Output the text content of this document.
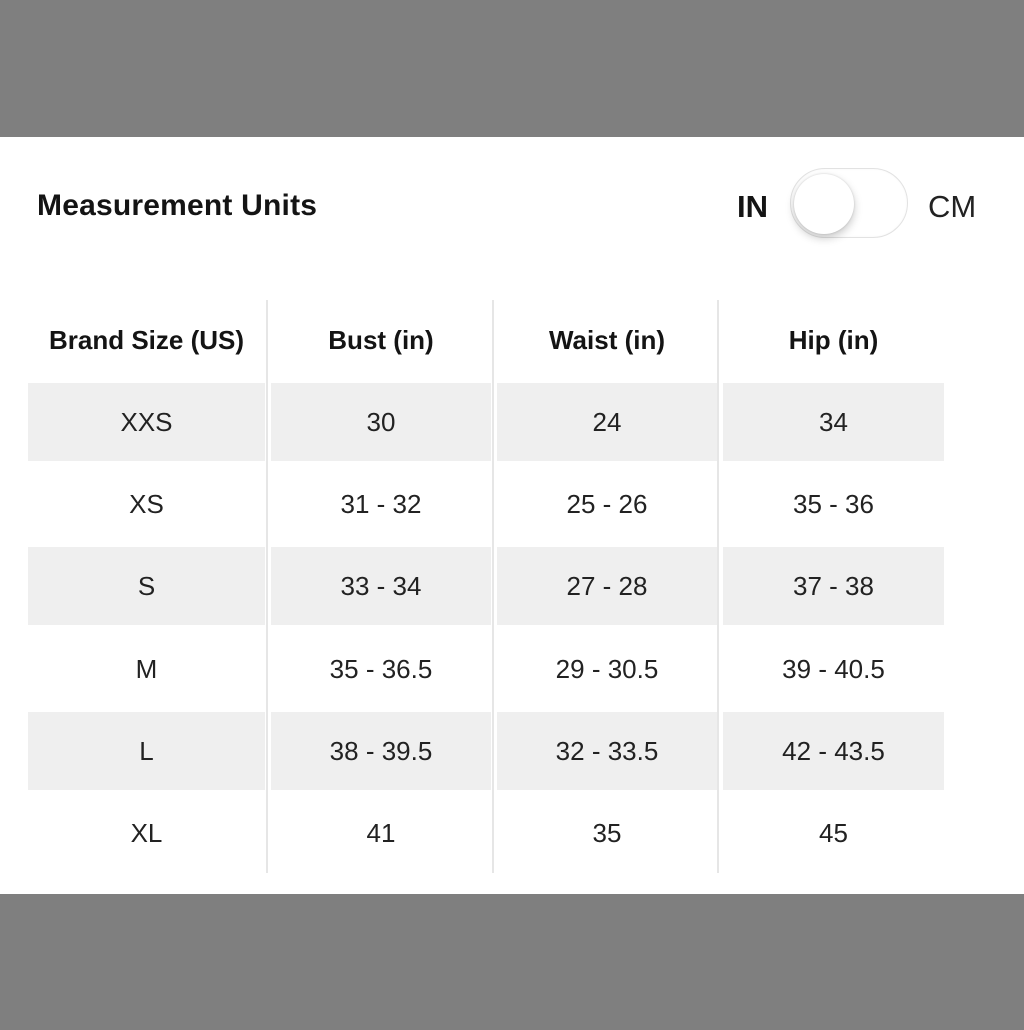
Measurement Units	IN	CM
Brand Size (US)	Bust (in)	Waist (in)	Hip (in)
XXS	30	24	34
XS	31 - 32	25 - 26	35 - 36
S	33 - 34	27 - 28	37 - 38
M	35 - 36.5	29 - 30.5	39 - 40.5
L	38 - 39.5	32 - 33.5	42 - 43.5
XL	41	35	45
